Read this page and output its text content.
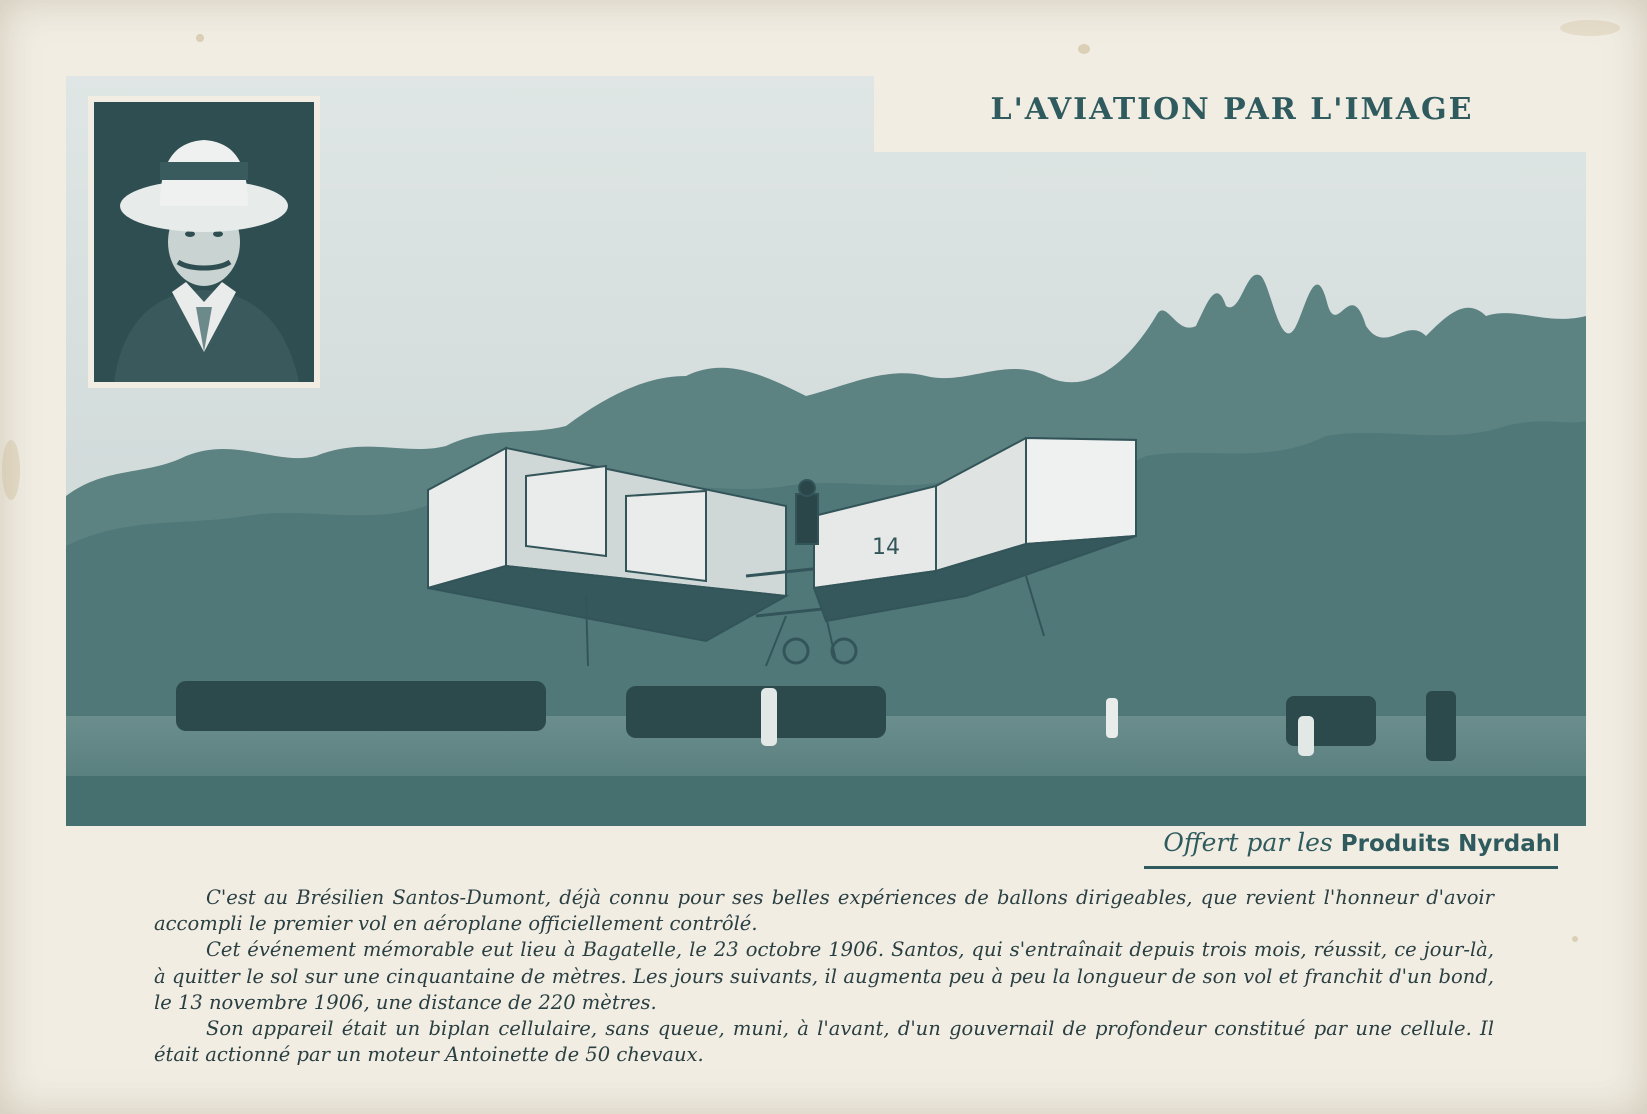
14
L'AVIATION PAR L'IMAGE
Offert par les Produits Nyrdahl

C'est au Brésilien Santos-Dumont, déjà connu pour ses belles expériences de ballons dirigeables, que revient l'honneur d'avoir accompli le premier vol en aéroplane officiellement contrôlé.

Cet événement mémorable eut lieu à Bagatelle, le 23 octobre 1906. Santos, qui s'entraînait depuis trois mois, réussit, ce jour-là, à quitter le sol sur une cinquantaine de mètres. Les jours suivants, il augmenta peu à peu la longueur de son vol et franchit d'un bond, le 13 novembre 1906, une distance de 220 mètres.

Son appareil était un biplan cellulaire, sans queue, muni, à l'avant, d'un gouvernail de profondeur constitué par une cellule. Il était actionné par un moteur Antoinette de 50 chevaux.
